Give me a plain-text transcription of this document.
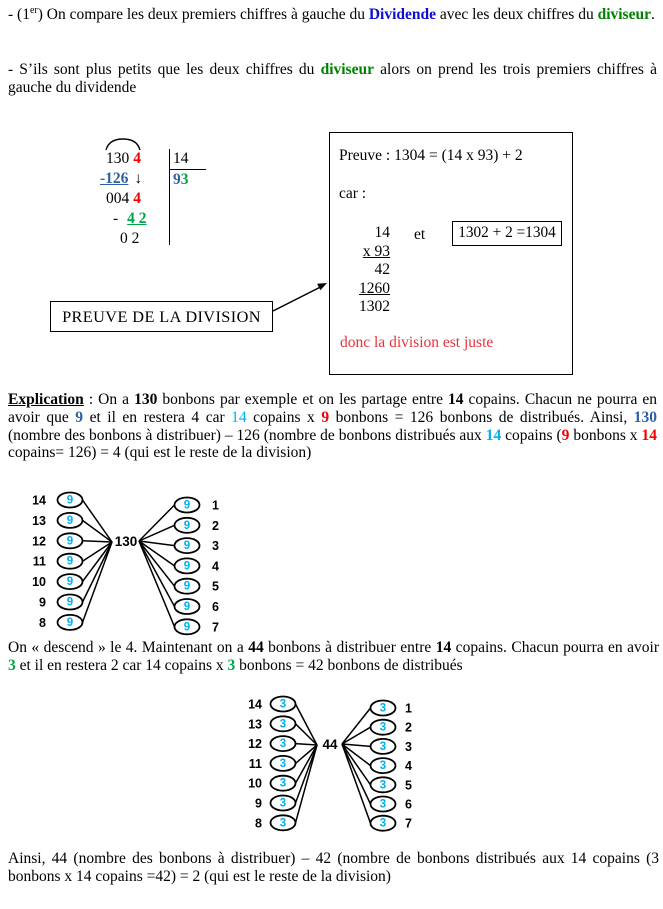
- (1er) On compare les deux premiers chiffres à gauche du Dividende avec les deux chiffres du diviseur.
- S’ils sont plus petits que les deux chiffres du diviseur alors on prend les trois premiers chiffres à gauche du dividende
130 4
-126 ↓
14
93
004 4
- 4 2
0 2
Preuve : 1304 = (14 x 93) + 2
car :
14
x 93
42
1260
1302
et	1302 + 2 =1304
donc la division est juste
PREUVE DE LA DIVISION
Explication : On a 130 bonbons par exemple et on les partage entre 14 copains. Chacun ne pourra en avoir que 9 et il en restera 4 car 14 copains x 9 bonbons = 126 bonbons de distribués. Ainsi, 130 (nombre des bonbons à distribuer) – 126 (nombre de bonbons distribués aux 14 copains (9 bonbons x 14 copains= 126) = 4 (qui est le reste de la division)
9
14
9
13
9
12
9
11
9
10
9
9
9
8
9 1
9 2
9 3
9 4
9 5
9 6
9 7
130
On « descend » le 4. Maintenant on a 44 bonbons à distribuer entre 14 copains. Chacun pourra en avoir 3 et il en restera 2 car 14 copains x 3 bonbons = 42 bonbons de distribués
3
14
3
13
3
12
3
11
3
10
3
9
3
8
3 1
3 2
3 3
3 4
3 5
3 6
3 7
44
Ainsi, 44 (nombre des bonbons à distribuer) – 42 (nombre de bonbons distribués aux 14 copains (3 bonbons x 14 copains =42) = 2 (qui est le reste de la division)
